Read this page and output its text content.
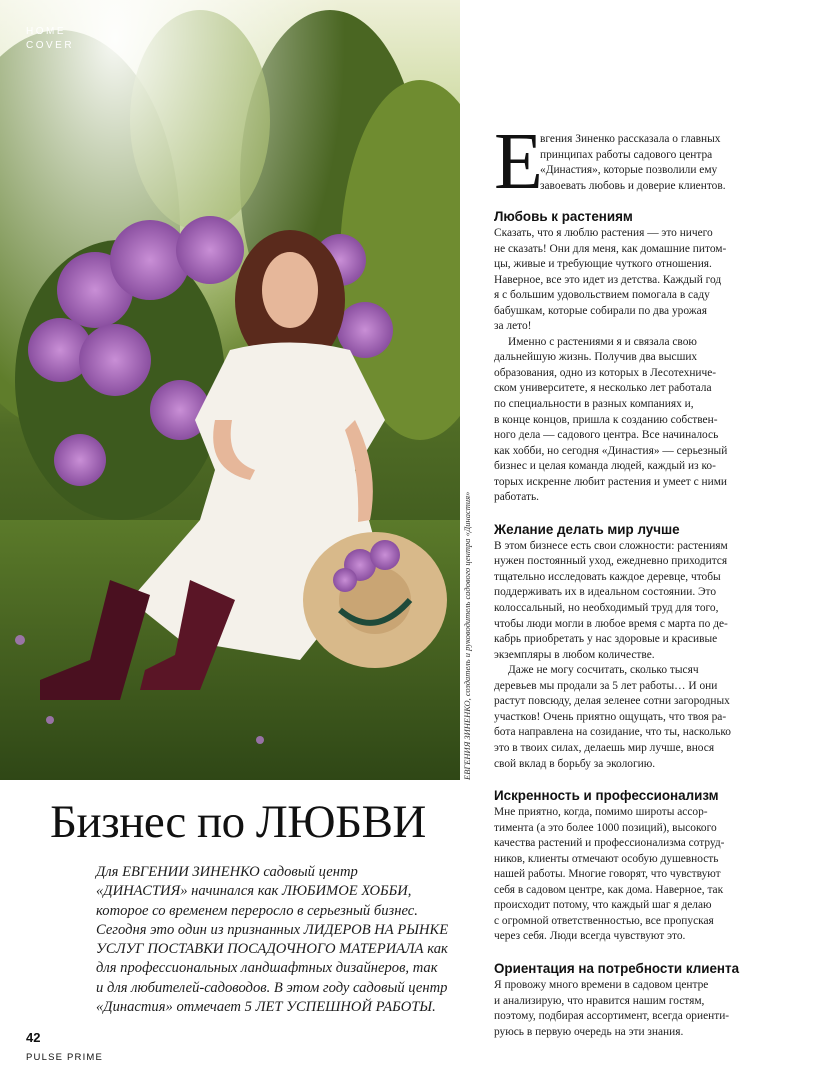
HOME
COVER
ЕВГЕНИЯ ЗИНЕНКО, создатель и руководитель садового центра «Династия»
Бизнес по ЛЮБВИ
Для ЕВГЕНИИ ЗИНЕНКО садовый центр
«ДИНАСТИЯ» начинался как ЛЮБИМОЕ ХОББИ,
которое со временем переросло в серьезный бизнес.
Сегодня это один из признанных ЛИДЕРОВ НА РЫНКЕ
УСЛУГ ПОСТАВКИ ПОСАДОЧНОГО МАТЕРИАЛА как
для профессиональных ландшафтных дизайнеров, так
и для любителей-садоводов. В этом году садовый центр
«Династия» отмечает 5 ЛЕТ УСПЕШНОЙ РАБОТЫ.
42
PULSE PRIME
Е
вгения Зиненко рассказала о главных
принципах работы садового центра
«Династия», которые позволили ему
завоевать любовь и доверие клиентов.
Любовь к растениям
Сказать, что я люблю растения — это ничего
не сказать! Они для меня, как домашние питом-
цы, живые и требующие чуткого отношения.
Наверное, все это идет из детства. Каждый год
я с большим удовольствием помогала в саду
бабушкам, которые собирали по два урожая
за лето!
Именно с растениями я и связала свою
дальнейшую жизнь. Получив два высших
образования, одно из которых в Лесотехниче-
ском университете, я несколько лет работала
по специальности в разных компаниях и,
в конце концов, пришла к созданию собствен-
ного дела — садового центра. Все начиналось
как хобби, но сегодня «Династия» — серьезный
бизнес и целая команда людей, каждый из ко-
торых искренне любит растения и умеет с ними
работать.
Желание делать мир лучше
В этом бизнесе есть свои сложности: растениям
нужен постоянный уход, ежедневно приходится
тщательно исследовать каждое деревце, чтобы
поддерживать их в идеальном состоянии. Это
колоссальный, но необходимый труд для того,
чтобы люди могли в любое время с марта по де-
кабрь приобретать у нас здоровые и красивые
экземпляры в любом количестве.
Даже не могу сосчитать, сколько тысяч
деревьев мы продали за 5 лет работы… И они
растут повсюду, делая зеленее сотни загородных
участков! Очень приятно ощущать, что твоя ра-
бота направлена на созидание, что ты, насколько
это в твоих силах, делаешь мир лучше, внося
свой вклад в борьбу за экологию.
Искренность и профессионализм
Мне приятно, когда, помимо широты ассор-
тимента (а это более 1000 позиций), высокого
качества растений и профессионализма сотруд-
ников, клиенты отмечают особую душевность
нашей работы. Многие говорят, что чувствуют
себя в садовом центре, как дома. Наверное, так
происходит потому, что каждый шаг я делаю
с огромной ответственностью, все пропуская
через себя. Люди всегда чувствуют это.
Ориентация на потребности клиента
Я провожу много времени в садовом центре
и анализирую, что нравится нашим гостям,
поэтому, подбирая ассортимент, всегда ориенти-
руюсь в первую очередь на эти знания.
